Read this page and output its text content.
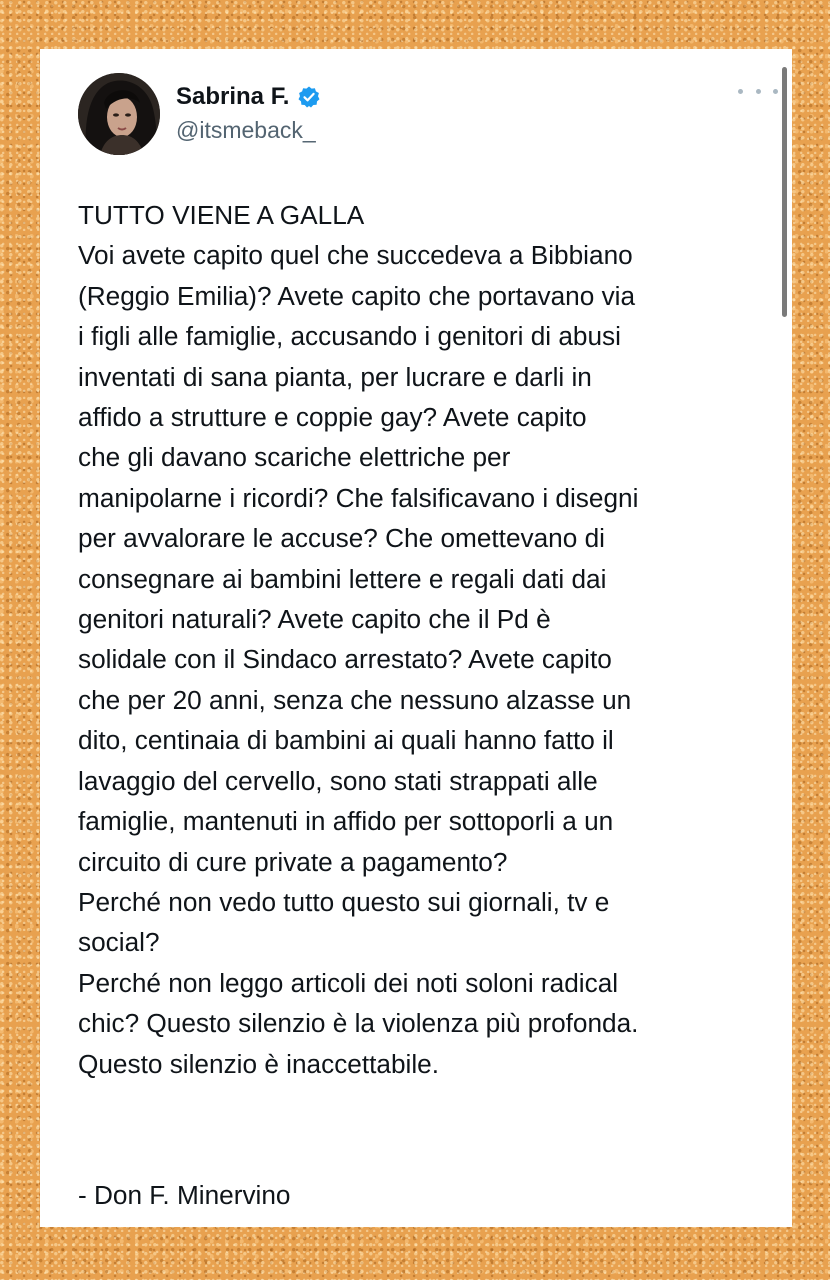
Sabrina F.
@itsmeback_

TUTTO VIENE A GALLA
Voi avete capito quel che succedeva a Bibbiano
(Reggio Emilia)? Avete capito che portavano via
i figli alle famiglie, accusando i genitori di abusi
inventati di sana pianta, per lucrare e darli in
affido a strutture e coppie gay? Avete capito
che gli davano scariche elettriche per
manipolarne i ricordi? Che falsificavano i disegni
per avvalorare le accuse? Che omettevano di
consegnare ai bambini lettere e regali dati dai
genitori naturali? Avete capito che il Pd è
solidale con il Sindaco arrestato? Avete capito
che per 20 anni, senza che nessuno alzasse un
dito, centinaia di bambini ai quali hanno fatto il
lavaggio del cervello, sono stati strappati alle
famiglie, mantenuti in affido per sottoporli a un
circuito di cure private a pagamento?
Perché non vedo tutto questo sui giornali, tv e
social?
Perché non leggo articoli dei noti soloni radical
chic? Questo silenzio è la violenza più profonda.
Questo silenzio è inaccettabile.

- Don F. Minervino
